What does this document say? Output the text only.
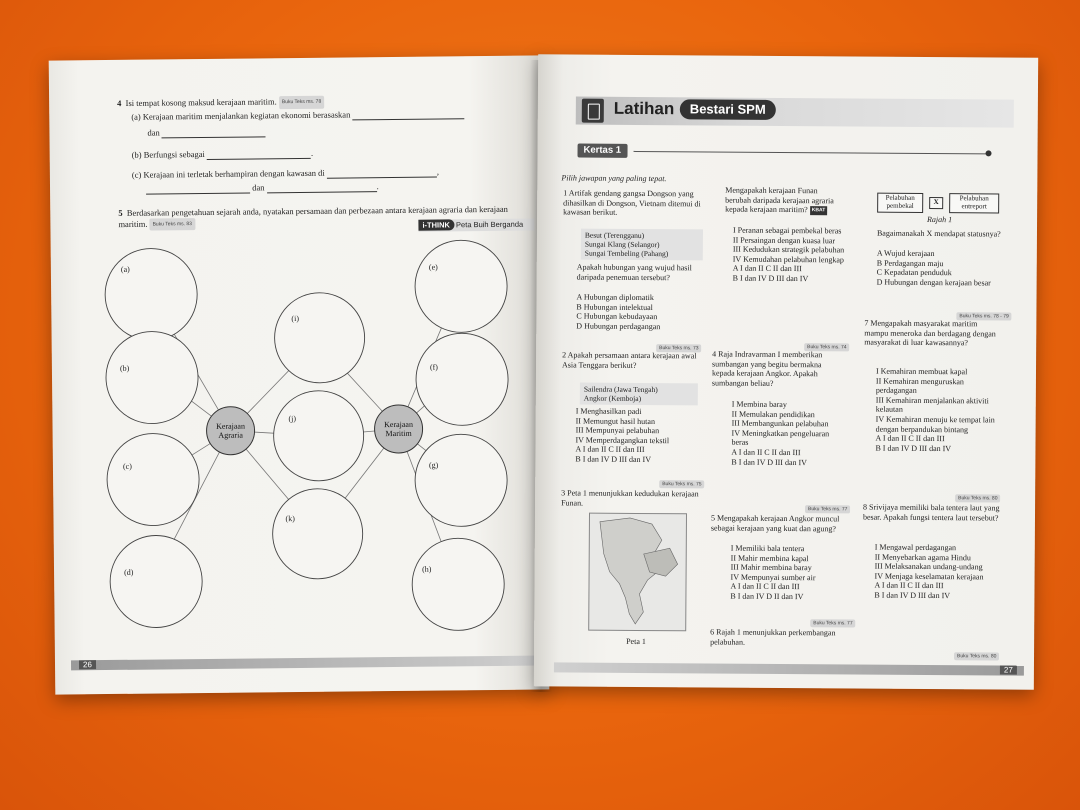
4 Isi tempat kosong maksud kerajaan maritim. Buku Teks ms. 78
(a) Kerajaan maritim menjalankan kegiatan ekonomi berasaskan
dan
(b) Berfungsi sebagai	.
(c) Kerajaan ini terletak berhampiran dengan kawasan di	,
dan	.
5 Berdasarkan pengetahuan sejarah anda, nyatakan persamaan dan perbezaan antara kerajaan agraria dan kerajaan maritim. Buku Teks ms. 83	i-THINK Peta Buih Berganda
Kerajaan Agraria
Kerajaan Maritim
(a)
(b)
(c)
(d)
(e)
(f)
(g)
(h)
(i)
(j)
(k)
26
Latihan	Bestari SPM
Kertas 1
Pilih jawapan yang paling tepat.
1 Artifak gendang gangsa Dongson yang dihasilkan di Dongson, Vietnam ditemui di kawasan berikut.
Besut (Terengganu)
Sungai Klang (Selangor)
Sungai Tembeling (Pahang)
Apakah hubungan yang wujud hasil daripada penemuan tersebut?
A Hubungan diplomatik
B Hubungan intelektual
C Hubungan kebudayaan
D Hubungan perdagangan
Buku Teks ms. 73
2 Apakah persamaan antara kerajaan awal Asia Tenggara berikut?
Sailendra (Jawa Tengah)
Angkor (Kemboja)
I Menghasilkan padi
II Memungut hasil hutan
III Mempunyai pelabuhan
IV Memperdagangkan tekstil
A I dan II C II dan III
B I dan IV D III dan IV
Buku Teks ms. 75
3 Peta 1 menunjukkan kedudukan kerajaan Funan.
Peta 1
Mengapakah kerajaan Funan berubah daripada kerajaan agraria kepada kerajaan maritim? KBAT
I Peranan sebagai pembekal beras
II Persaingan dengan kuasa luar
III Kedudukan strategik pelabuhan
IV Kemudahan pelabuhan lengkap
A I dan II C II dan III
B I dan IV D III dan IV
Buku Teks ms. 74
4 Raja Indravarman I memberikan sumbangan yang begitu bermakna kepada kerajaan Angkor. Apakah sumbangan beliau?
I Membina baray
II Memulakan pendidikan
III Membangunkan pelabuhan
IV Meningkatkan pengeluaran beras
A I dan II C II dan III
B I dan IV D III dan IV
Buku Teks ms. 77
5 Mengapakah kerajaan Angkor muncul sebagai kerajaan yang kuat dan agung?
I Memiliki bala tentera
II Mahir membina kapal
III Mahir membina baray
IV Mempunyai sumber air
A I dan II C II dan III
B I dan IV D II dan IV
Buku Teks ms. 77
6 Rajah 1 menunjukkan perkembangan pelabuhan.
Pelabuhan pembekal	X	Pelabuhan entreport
Rajah 1
Bagaimanakah X mendapat statusnya?
A Wujud kerajaan
B Perdagangan maju
C Kepadatan penduduk
D Hubungan dengan kerajaan besar
Buku Teks ms. 78 - 79
7 Mengapakah masyarakat maritim mampu meneroka dan berdagang dengan masyarakat di luar kawasannya?
I Kemahiran membuat kapal
II Kemahiran menguruskan perdagangan
III Kemahiran menjalankan aktiviti kelautan
IV Kemahiran menuju ke tempat lain dengan berpandukan bintang
A I dan II C II dan III
B I dan IV D III dan IV
Buku Teks ms. 80
8 Srivijaya memiliki bala tentera laut yang besar. Apakah fungsi tentera laut tersebut?
I Mengawal perdagangan
II Menyebarkan agama Hindu
III Melaksanakan undang-undang
IV Menjaga keselamatan kerajaan
A I dan II C II dan III
B I dan IV D III dan IV
Buku Teks ms. 80
27
